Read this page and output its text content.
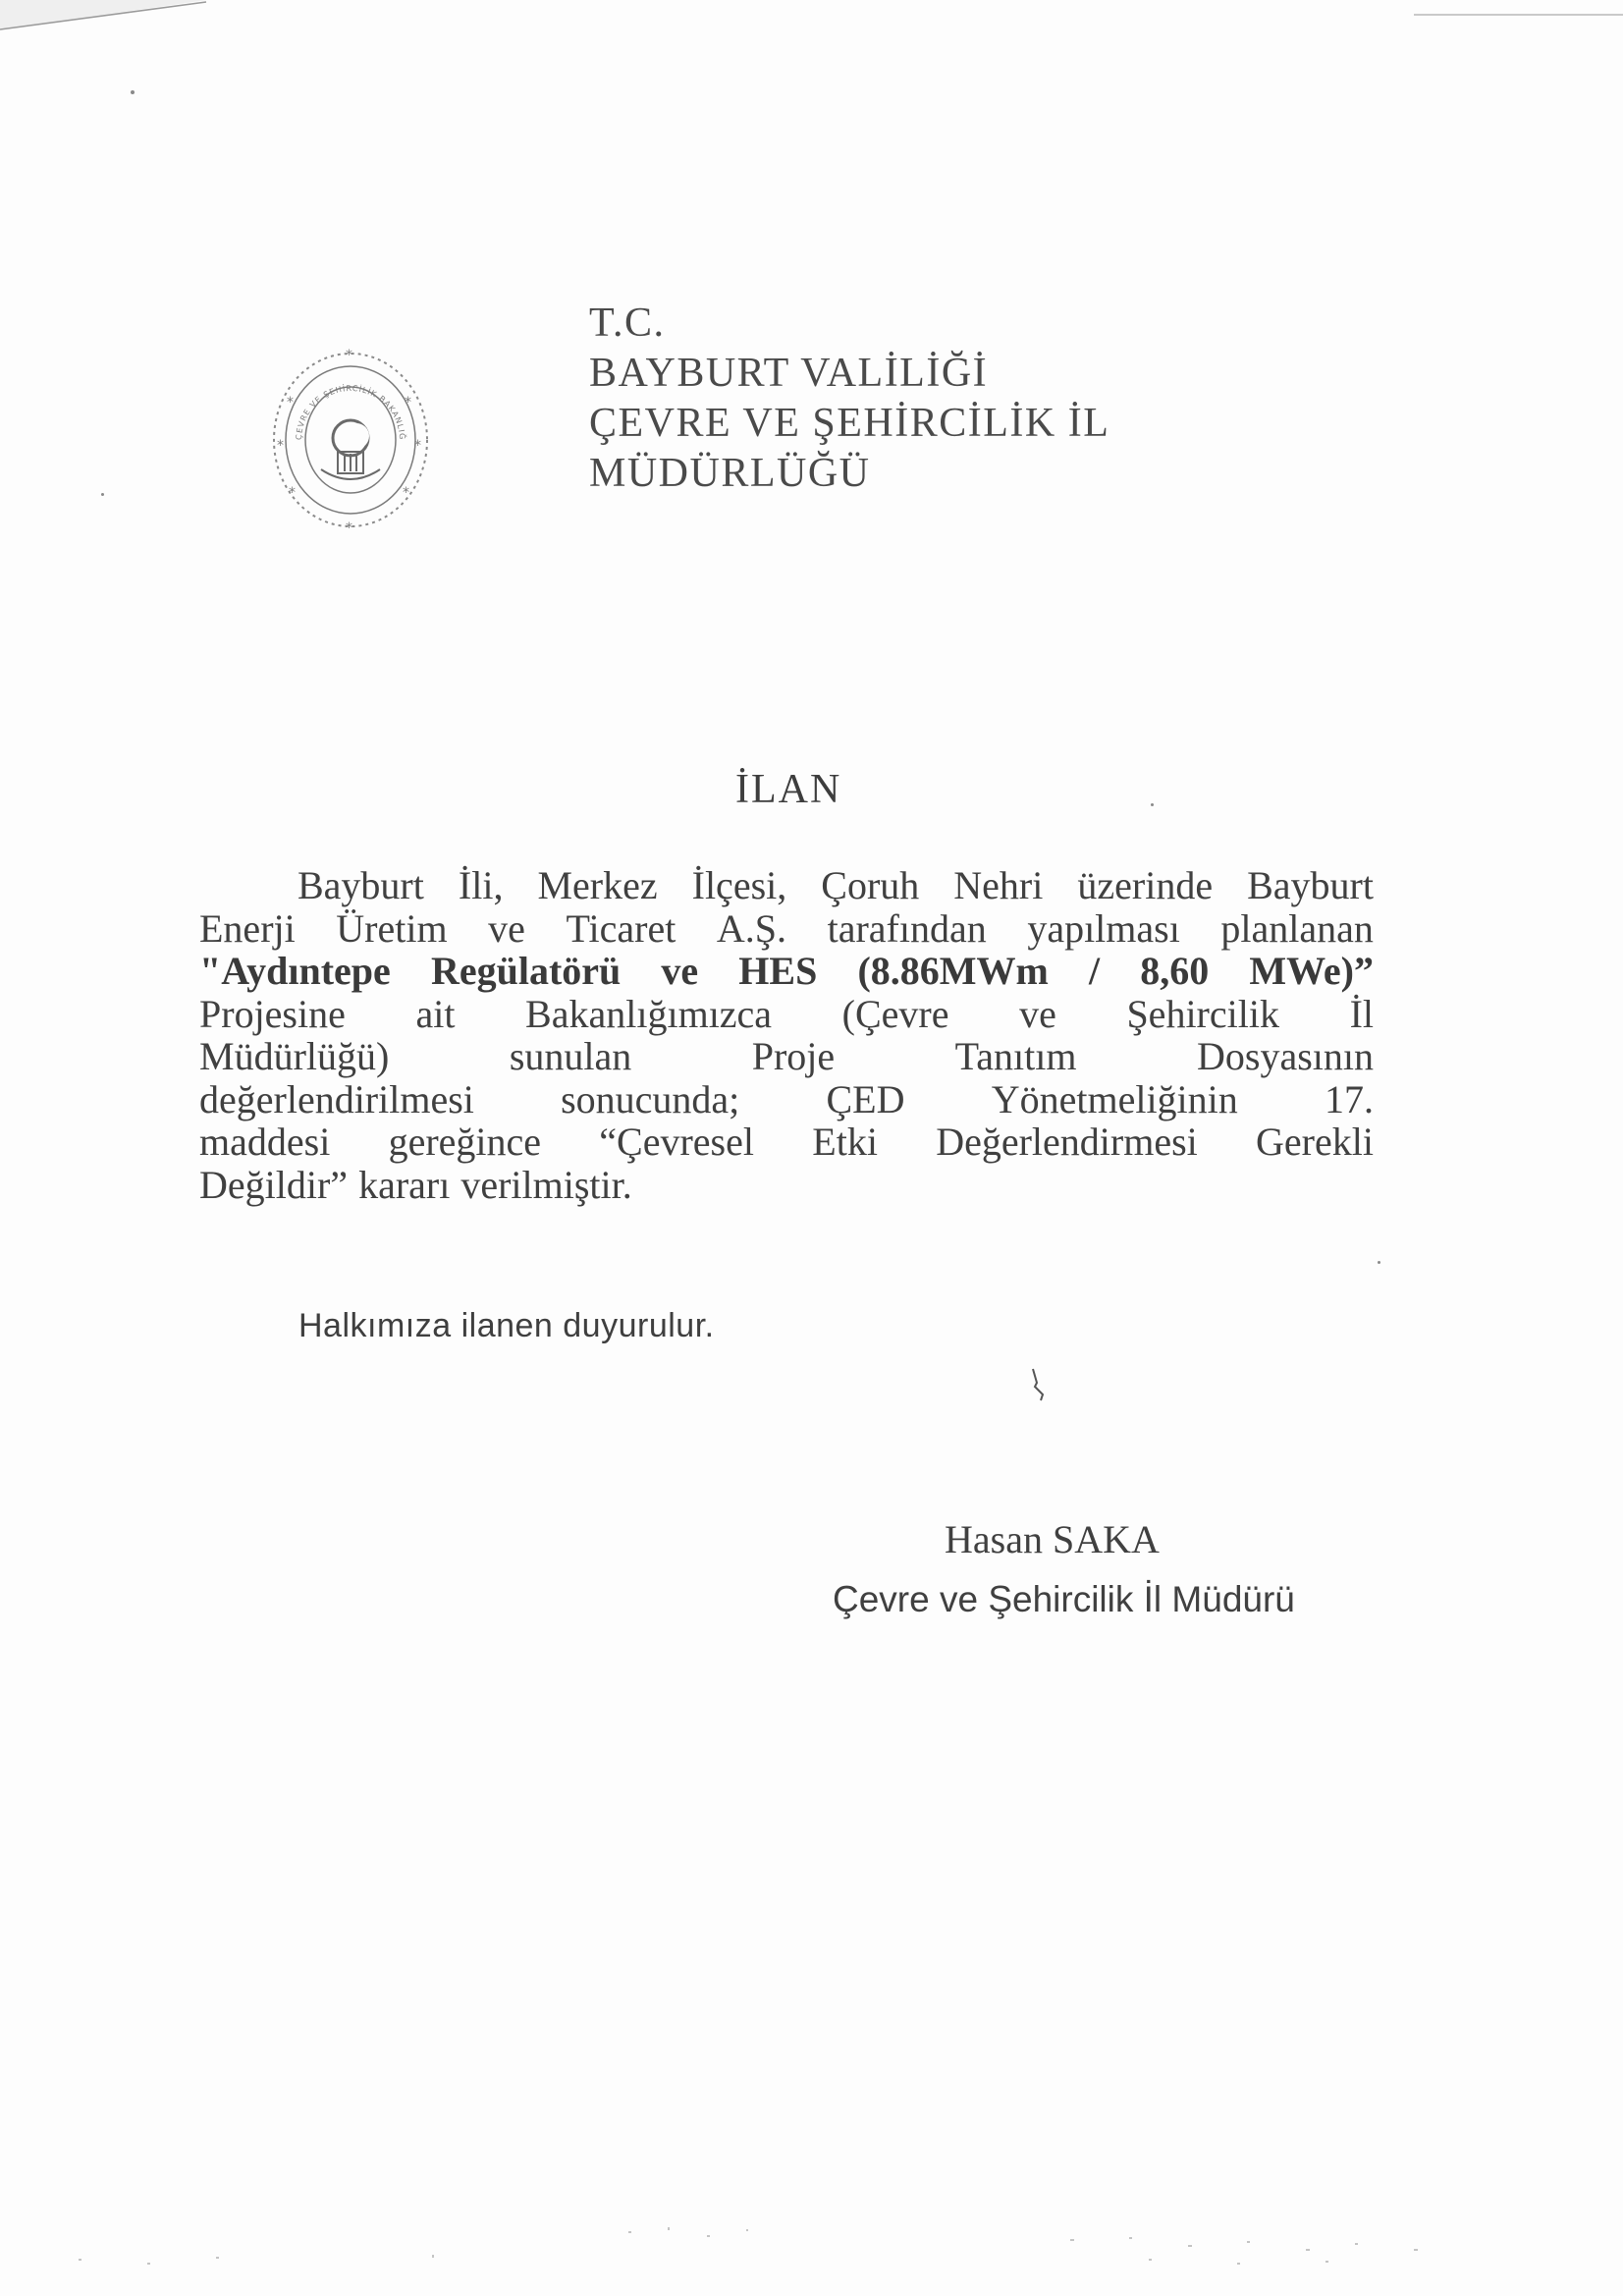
ÇEVRE VE ŞEHİRCİLİK BAKANLIĞ
*	*
*	*
*	*
*
*
T.C.
BAYBURT VALİLİĞİ
ÇEVRE VE ŞEHİRCİLİK İL
MÜDÜRLÜĞÜ
İLAN
Bayburt İli, Merkez İlçesi, Çoruh Nehri üzerinde Bayburt
Enerji Üretim ve Ticaret A.Ş. tarafından yapılması planlanan
"Aydıntepe Regülatörü ve HES (8.86MWm / 8,60 MWe)”
Projesine ait Bakanlığımızca (Çevre ve Şehircilik İl
Müdürlüğü)	sunulan	Proje	Tanıtım	Dosyasının
değerlendirilmesi sonucunda; ÇED Yönetmeliğinin 17.
maddesi gereğince “Çevresel Etki Değerlendirmesi Gerekli
Değildir” kararı verilmiştir.
Halkımıza ilanen duyurulur.
Hasan SAKA
Çevre ve Şehircilik İl Müdürü
